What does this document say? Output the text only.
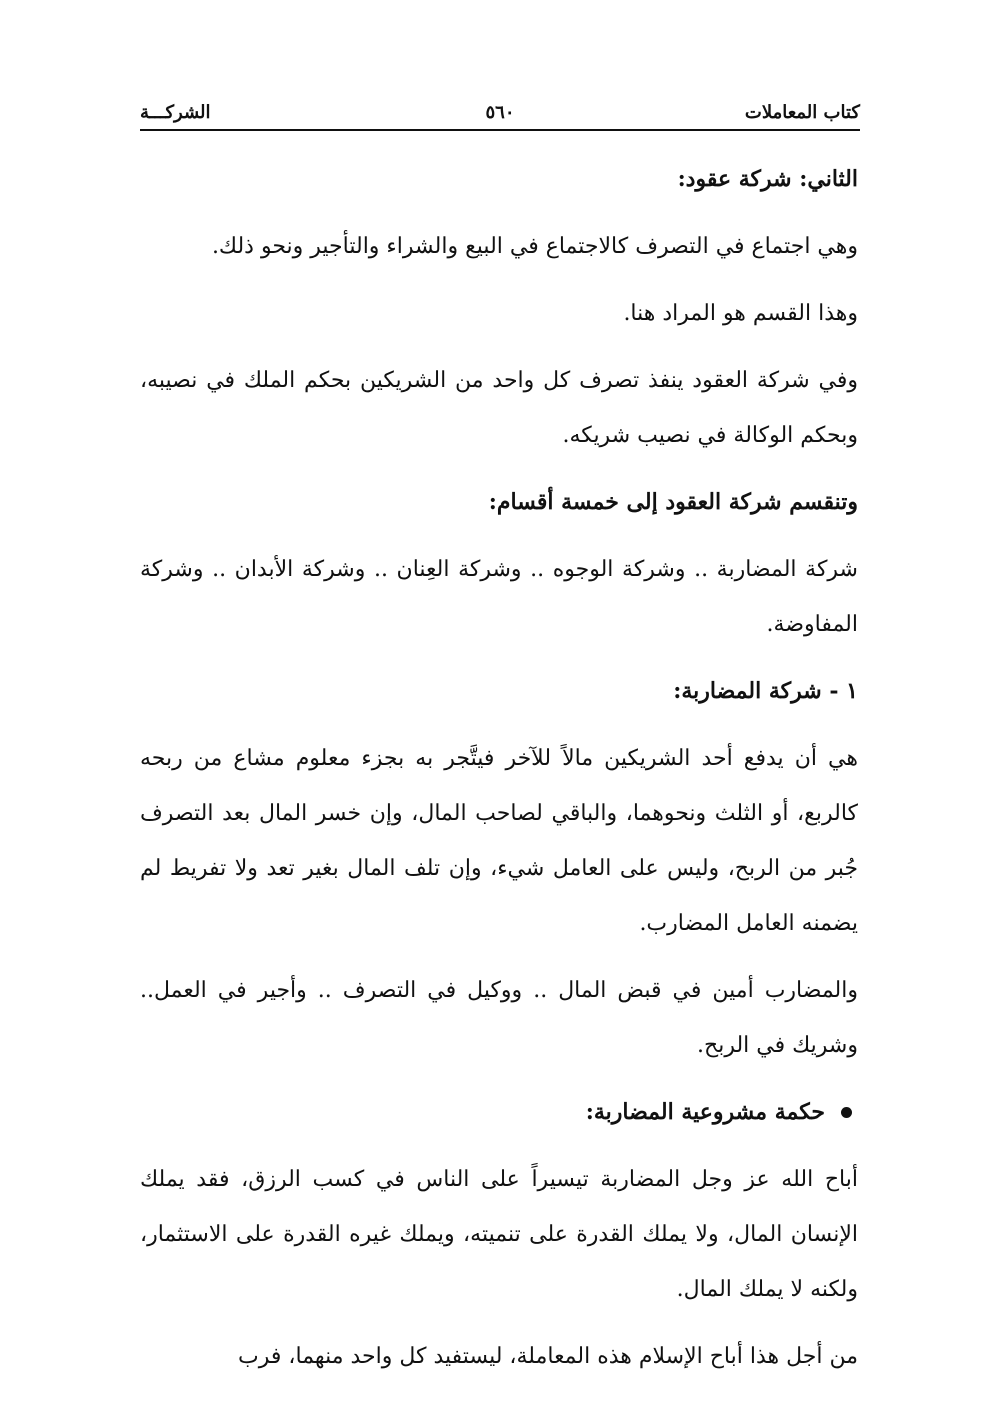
كتاب المعاملات
٥٦٠
الشركـــة

الثاني: شركة عقود:

وهي اجتماع في التصرف كالاجتماع في البيع والشراء والتأجير ونحو ذلك.

وهذا القسم هو المراد هنا.

وفي شركة العقود ينفذ تصرف كل واحد من الشريكين بحكم الملك في نصيبه، وبحكم الوكالة في نصيب شريكه.

وتنقسم شركة العقود إلى خمسة أقسام:

شركة المضاربة .. وشركة الوجوه .. وشركة العِنان .. وشركة الأبدان .. وشركة المفاوضة.

١ - شركة المضاربة:

هي أن يدفع أحد الشريكين مالاً للآخر فيتَّجر به بجزء معلوم مشاع من ربحه كالربع، أو الثلث ونحوهما، والباقي لصاحب المال، وإن خسر المال بعد التصرف جُبر من الربح، وليس على العامل شيء، وإن تلف المال بغير تعد ولا تفريط لم يضمنه العامل المضارب.

والمضارب أمين في قبض المال .. ووكيل في التصرف .. وأجير في العمل.. وشريك في الربح.

حكمة مشروعية المضاربة:

أباح الله عز وجل المضاربة تيسيراً على الناس في كسب الرزق، فقد يملك الإنسان المال، ولا يملك القدرة على تنميته، ويملك غيره القدرة على الاستثمار، ولكنه لا يملك المال.

من أجل هذا أباح الإسلام هذه المعاملة، ليستفيد كل واحد منهما، فرب
